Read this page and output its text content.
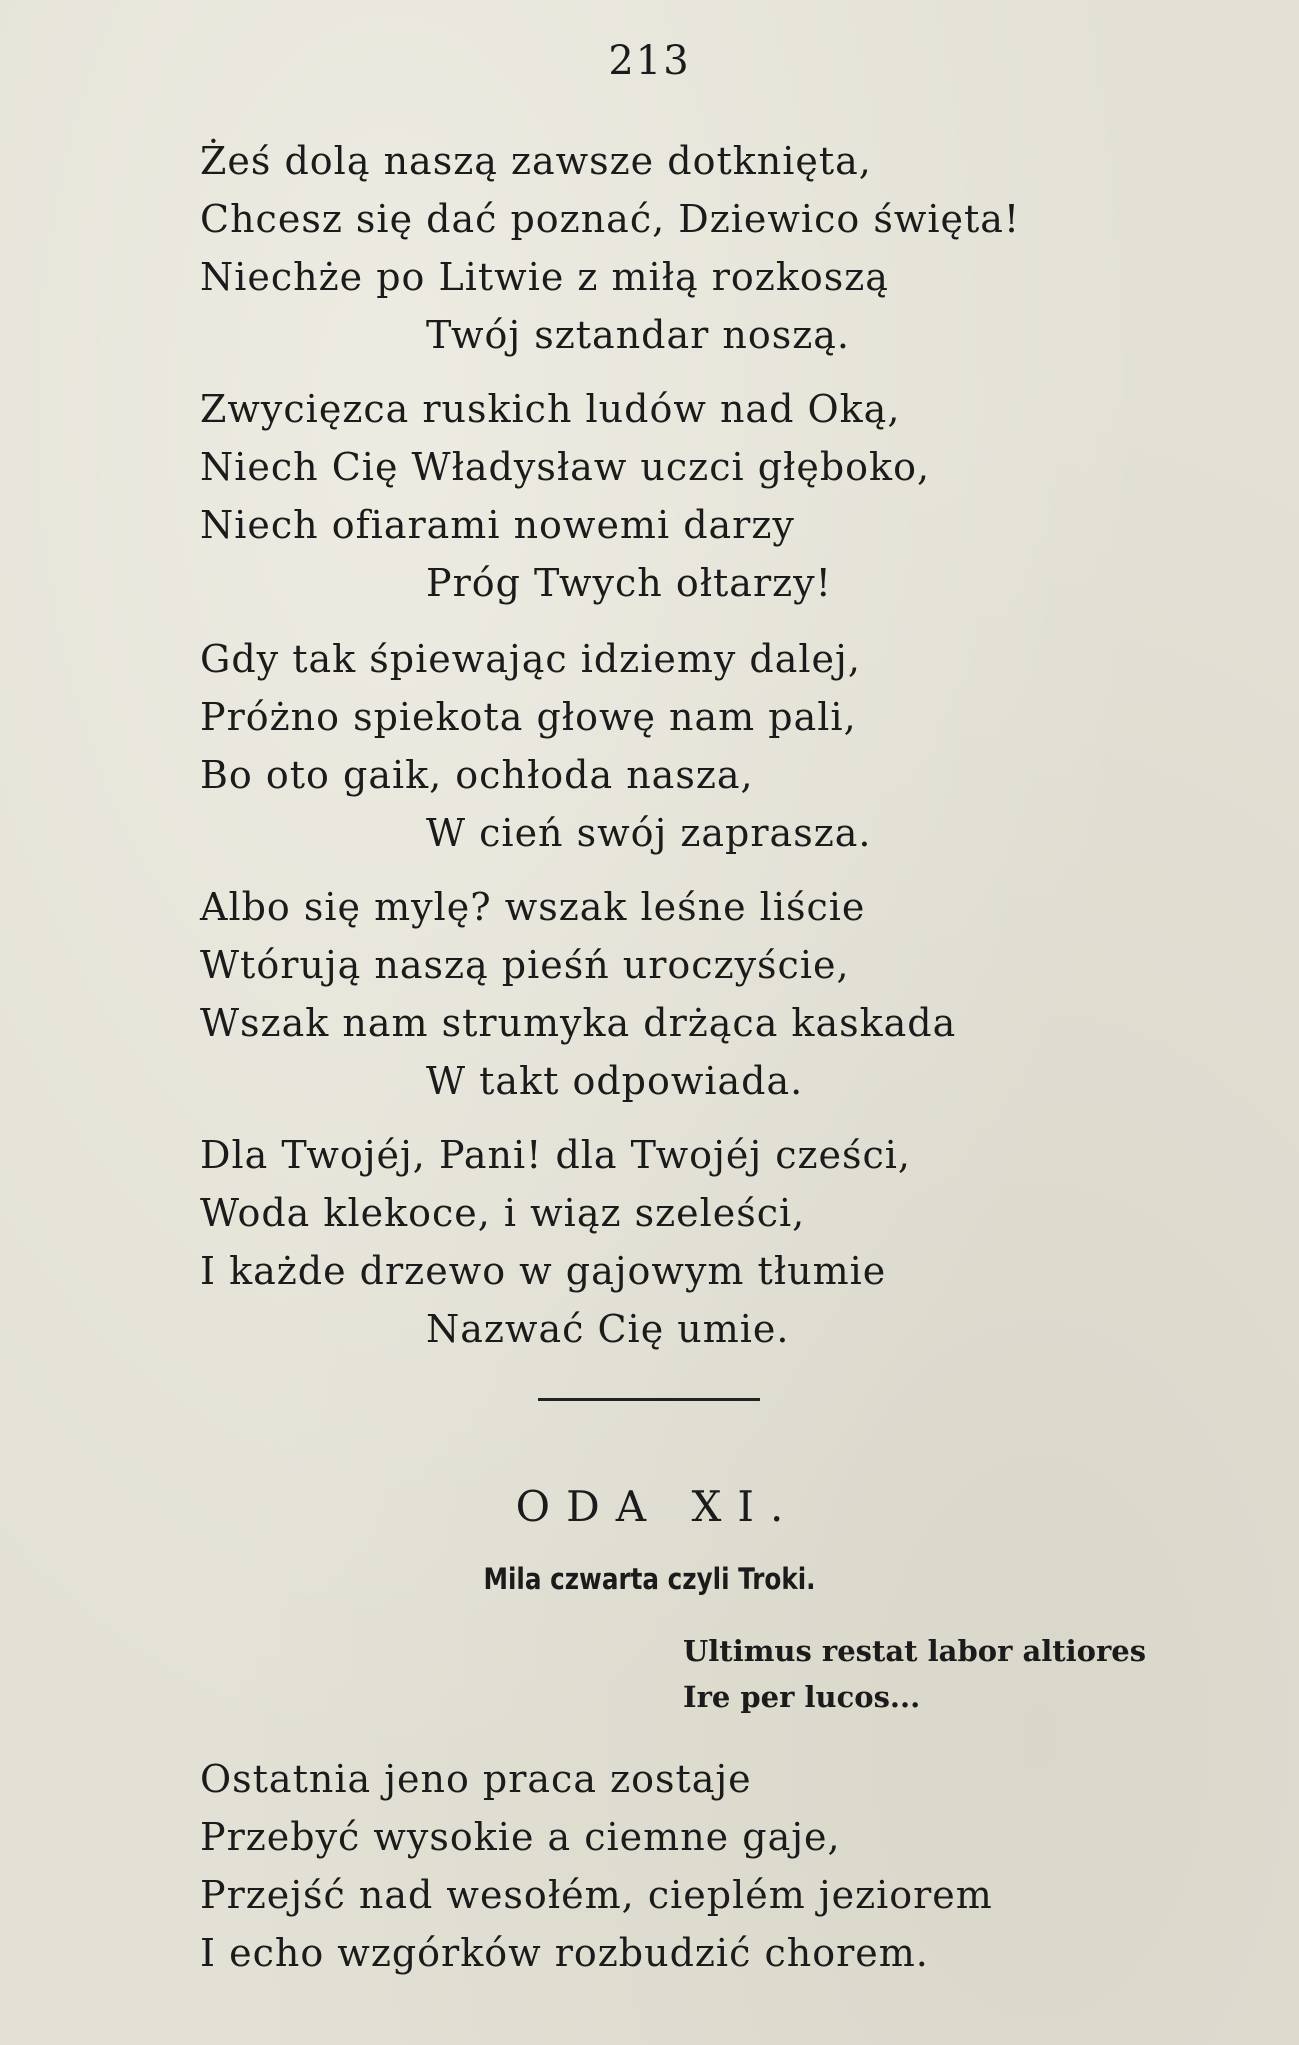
213
Żeś dolą naszą zawsze dotknięta,
Chcesz się dać poznać, Dziewico święta!
Niechże po Litwie z miłą rozkoszą
Twój sztandar noszą.
Zwycięzca ruskich ludów nad Oką,
Niech Cię Władysław uczci głęboko,
Niech ofiarami nowemi darzy
Próg Twych ołtarzy!
Gdy tak śpiewając idziemy dalej,
Próżno spiekota głowę nam pali,
Bo oto gaik, ochłoda nasza,
W cień swój zaprasza.
Albo się mylę? wszak leśne liście
Wtórują naszą pieśń uroczyście,
Wszak nam strumyka drżąca kaskada
W takt odpowiada.
Dla Twojéj, Pani! dla Twojéj cześci,
Woda klekoce, i wiąz szeleści,
I każde drzewo w gajowym tłumie
Nazwać Cię umie.
ODA XI.
Mila czwarta czyli Troki.
Ultimus restat labor altiores
Ire per lucos...
Ostatnia jeno praca zostaje
Przebyć wysokie a ciemne gaje,
Przejść nad wesołém, cieplém jeziorem
I echo wzgórków rozbudzić chorem.
